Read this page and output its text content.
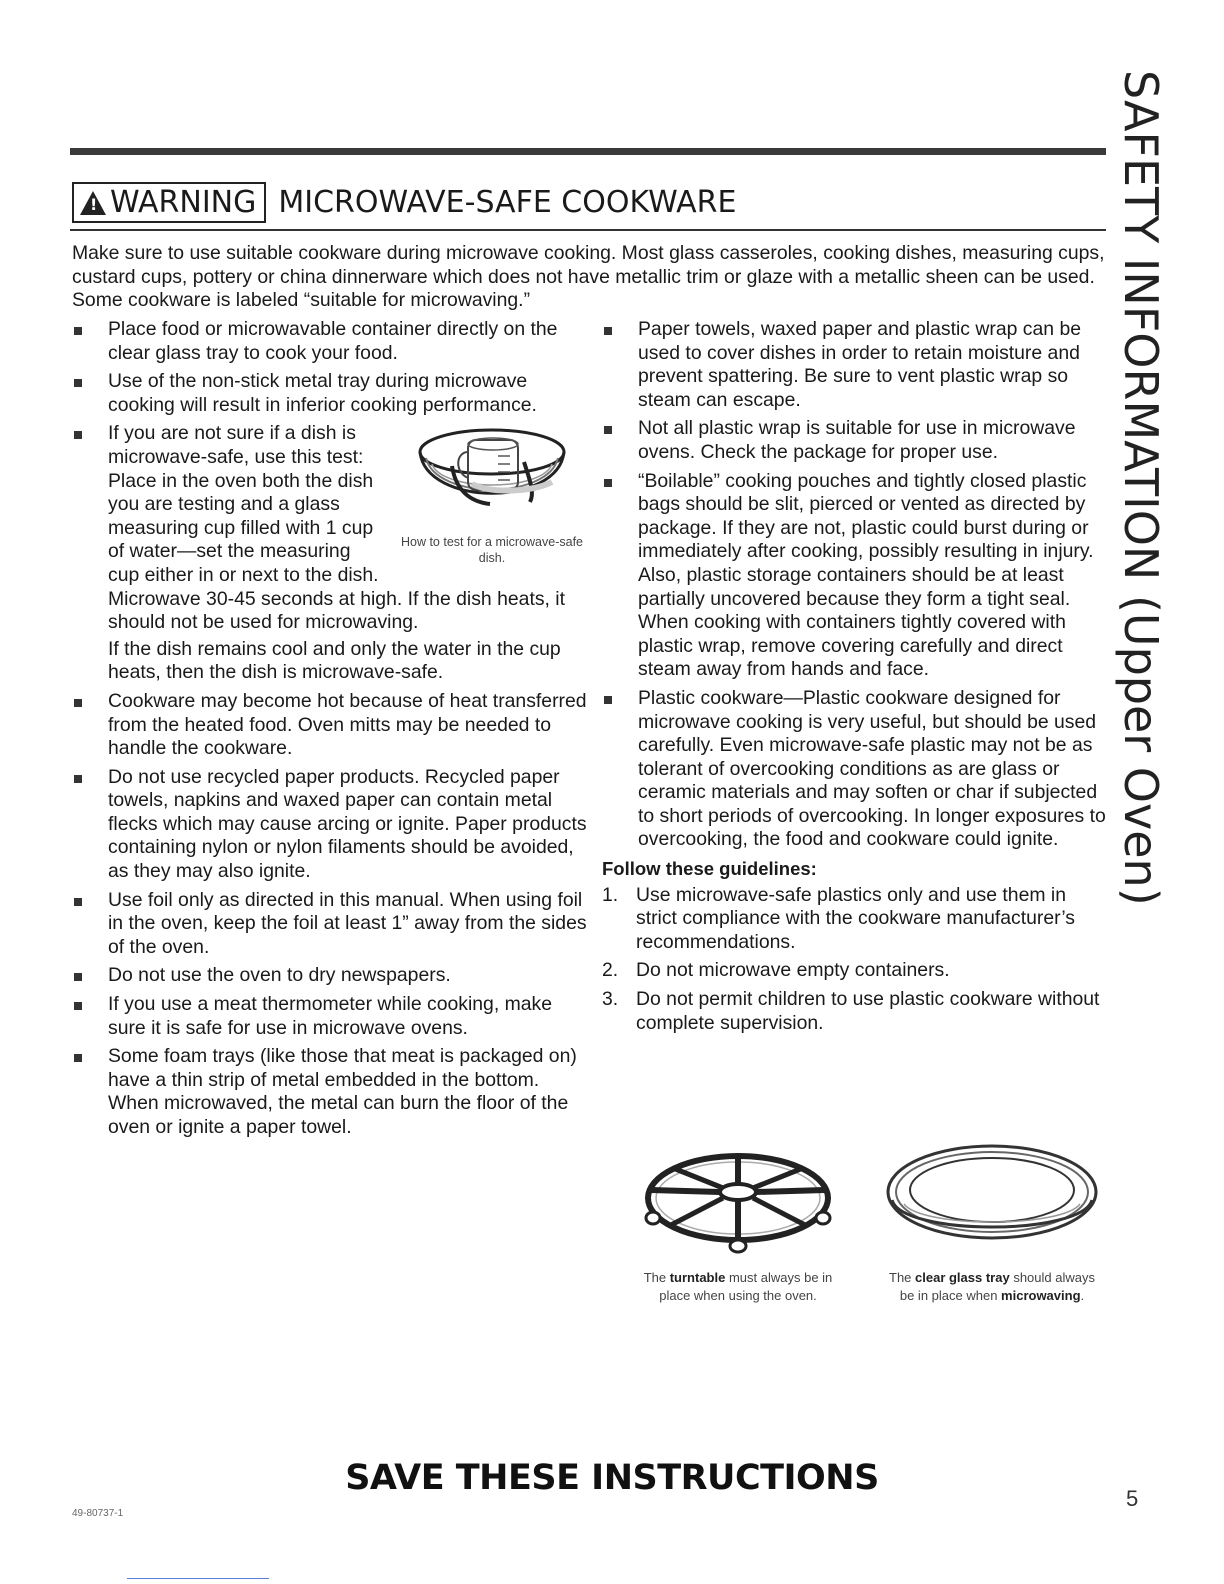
SAFETY INFORMATION (Upper Oven)
!
WARNING MICROWAVE-SAFE COOKWARE
Make sure to use suitable cookware during microwave cooking. Most glass casseroles, cooking dishes, measuring cups, custard cups, pottery or china dinnerware which does not have metallic trim or glaze with a metallic sheen can be used. Some cookware is labeled “suitable for microwaving.”
Place food or microwavable container directly on the clear glass tray to cook your food.
Use of the non-stick metal tray during microwave cooking will result in inferior cooking performance.
How to test for a microwave-safe dish.
If you are not sure if a dish is microwave-safe, use this test: Place in the oven both the dish you are testing and a glass measuring cup filled with 1 cup of water—set the measuring cup either in or next to the dish. Microwave 30-45 seconds at high. If the dish heats, it should not be used for microwaving.
If the dish remains cool and only the water in the cup heats, then the dish is microwave-safe.
Cookware may become hot because of heat transferred from the heated food. Oven mitts may be needed to handle the cookware.
Do not use recycled paper products. Recycled paper towels, napkins and waxed paper can contain metal flecks which may cause arcing or ignite. Paper products containing nylon or nylon filaments should be avoided, as they may also ignite.
Use foil only as directed in this manual. When using foil in the oven, keep the foil at least 1” away from the sides of the oven.
Do not use the oven to dry newspapers.
If you use a meat thermometer while cooking, make sure it is safe for use in microwave ovens.
Some foam trays (like those that meat is packaged on) have a thin strip of metal embedded in the bottom. When microwaved, the metal can burn the floor of the oven or ignite a paper towel.
Paper towels, waxed paper and plastic wrap can be used to cover dishes in order to retain moisture and prevent spattering. Be sure to vent plastic wrap so steam can escape.
Not all plastic wrap is suitable for use in microwave ovens. Check the package for proper use.
“Boilable” cooking pouches and tightly closed plastic bags should be slit, pierced or vented as directed by package. If they are not, plastic could burst during or immediately after cooking, possibly resulting in injury. Also, plastic storage containers should be at least partially uncovered because they form a tight seal. When cooking with containers tightly covered with plastic wrap, remove covering carefully and direct steam away from hands and face.
Plastic cookware—Plastic cookware designed for microwave cooking is very useful, but should be used carefully. Even microwave-safe plastic may not be as tolerant of overcooking conditions as are glass or ceramic materials and may soften or char if subjected to short periods of overcooking. In longer exposures to overcooking, the food and cookware could ignite.
Follow these guidelines:
1. Use microwave-safe plastics only and use them in strict compliance with the cookware manufacturer’s recommendations.
2. Do not microwave empty containers.
3. Do not permit children to use plastic cookware without complete supervision.
The turntable must always be in place when using the oven.
The clear glass tray should always be in place when microwaving.
SAVE THESE INSTRUCTIONS
49-80737-1
5
